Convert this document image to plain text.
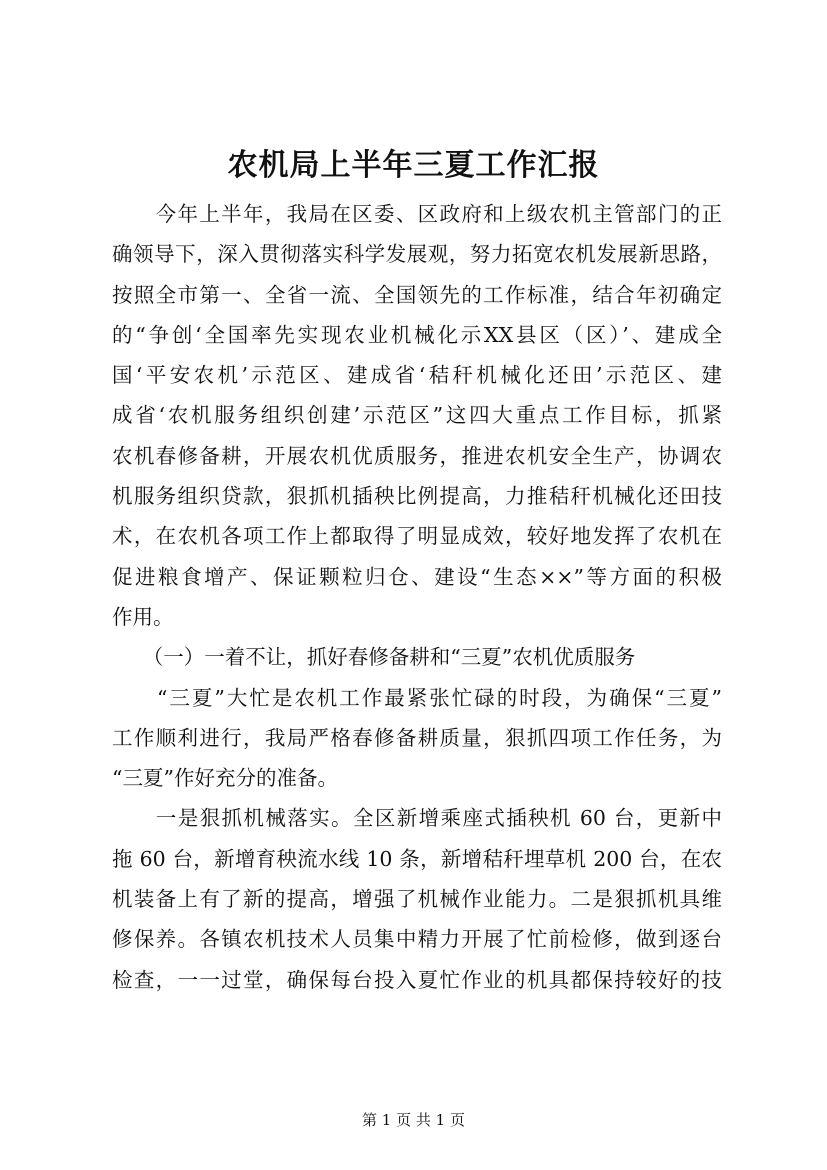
农机局上半年三夏工作汇报
　　今年上半年，我局在区委、区政府和上级农机主管部门的正
确领导下，深入贯彻落实科学发展观，努力拓宽农机发展新思路，
按照全市第一、全省一流、全国领先的工作标准，结合年初确定
的“争创‘全国率先实现农业机械化示XX县区（区）’、建成全
国‘平安农机’示范区、建成省‘秸秆机械化还田’示范区、建
成省‘农机服务组织创建’示范区”这四大重点工作目标，抓紧
农机春修备耕，开展农机优质服务，推进农机安全生产，协调农
机服务组织贷款，狠抓机插秧比例提高，力推秸秆机械化还田技
术，在农机各项工作上都取得了明显成效，较好地发挥了农机在
促进粮食增产、保证颗粒归仓、建设“生态××”等方面的积极
作用。
　　（一）一着不让，抓好春修备耕和“三夏”农机优质服务
　　“三夏”大忙是农机工作最紧张忙碌的时段，为确保“三夏”
工作顺利进行，我局严格春修备耕质量，狠抓四项工作任务，为
“三夏”作好充分的准备。
　　一是狠抓机械落实。全区新增乘座式插秧机 60 台，更新中
拖 60 台，新增育秧流水线 10 条，新增秸秆埋草机 200 台，在农
机装备上有了新的提高，增强了机械作业能力。二是狠抓机具维
修保养。各镇农机技术人员集中精力开展了忙前检修，做到逐台
检查，一一过堂，确保每台投入夏忙作业的机具都保持较好的技
第 1 页 共 1 页
